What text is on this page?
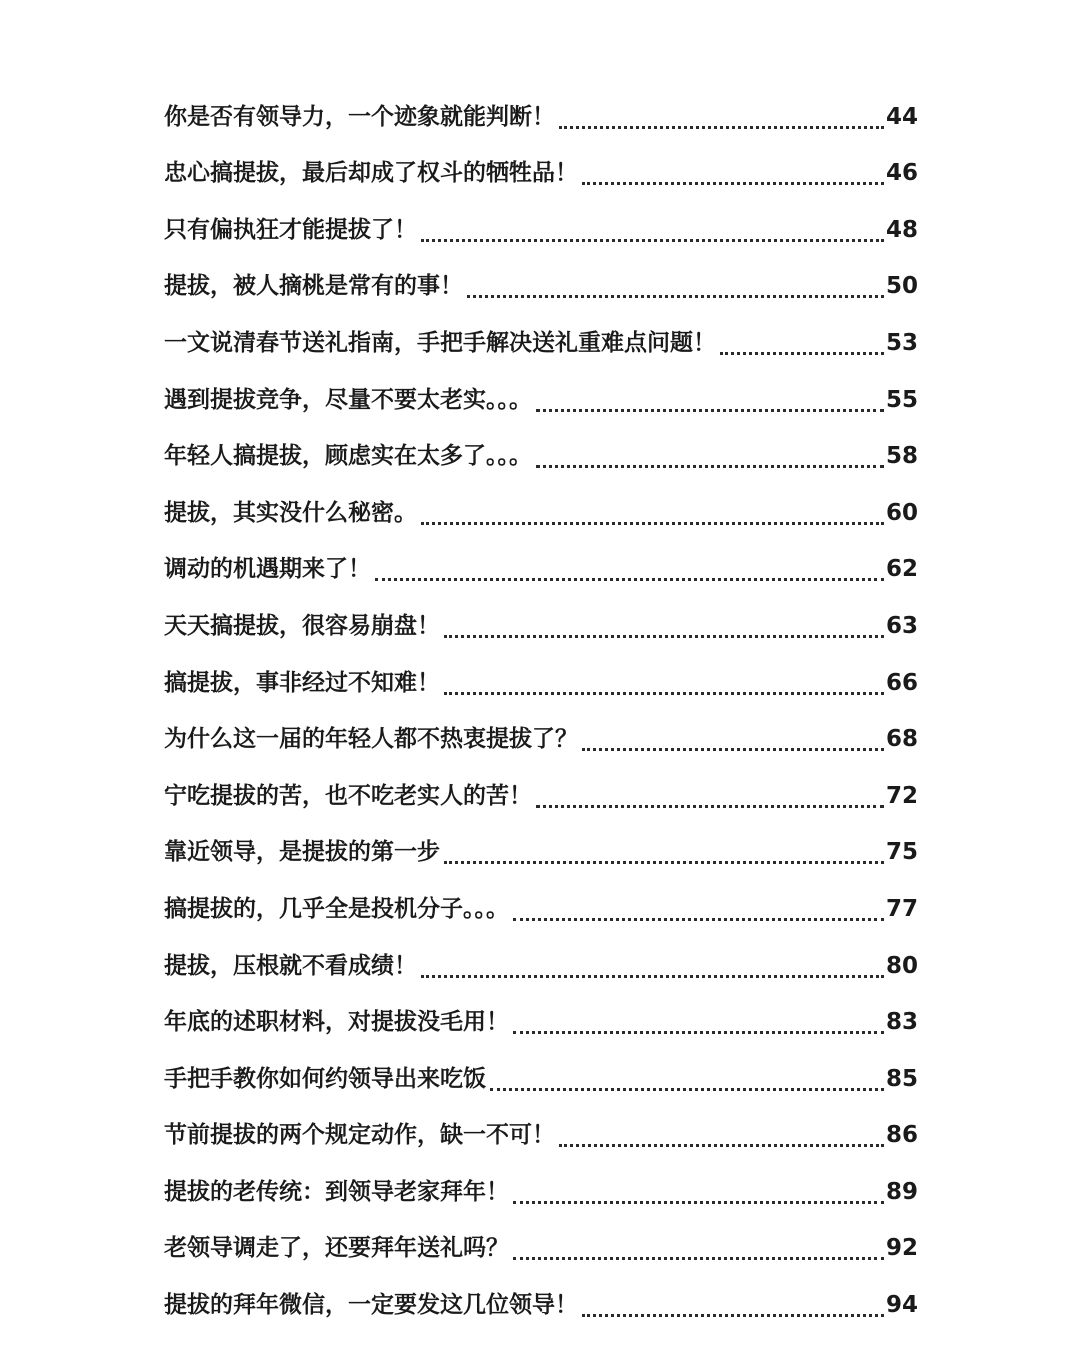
你是否有领导力，一个迹象就能判断！	44
忠心搞提拔，最后却成了权斗的牺牲品！	46
只有偏执狂才能提拔了！	48
提拔，被人摘桃是常有的事！	50
一文说清春节送礼指南，手把手解决送礼重难点问题！	53
遇到提拔竞争，尽量不要太老实。。。	55
年轻人搞提拔，顾虑实在太多了。。。	58
提拔，其实没什么秘密。	60
调动的机遇期来了！	62
天天搞提拔，很容易崩盘！	63
搞提拔，事非经过不知难！	66
为什么这一届的年轻人都不热衷提拔了？	68
宁吃提拔的苦，也不吃老实人的苦！	72
靠近领导，是提拔的第一步	75
搞提拔的，几乎全是投机分子。。。	77
提拔，压根就不看成绩！	80
年底的述职材料，对提拔没毛用！	83
手把手教你如何约领导出来吃饭	85
节前提拔的两个规定动作，缺一不可！	86
提拔的老传统：到领导老家拜年！	89
老领导调走了，还要拜年送礼吗？	92
提拔的拜年微信，一定要发这几位领导！	94
